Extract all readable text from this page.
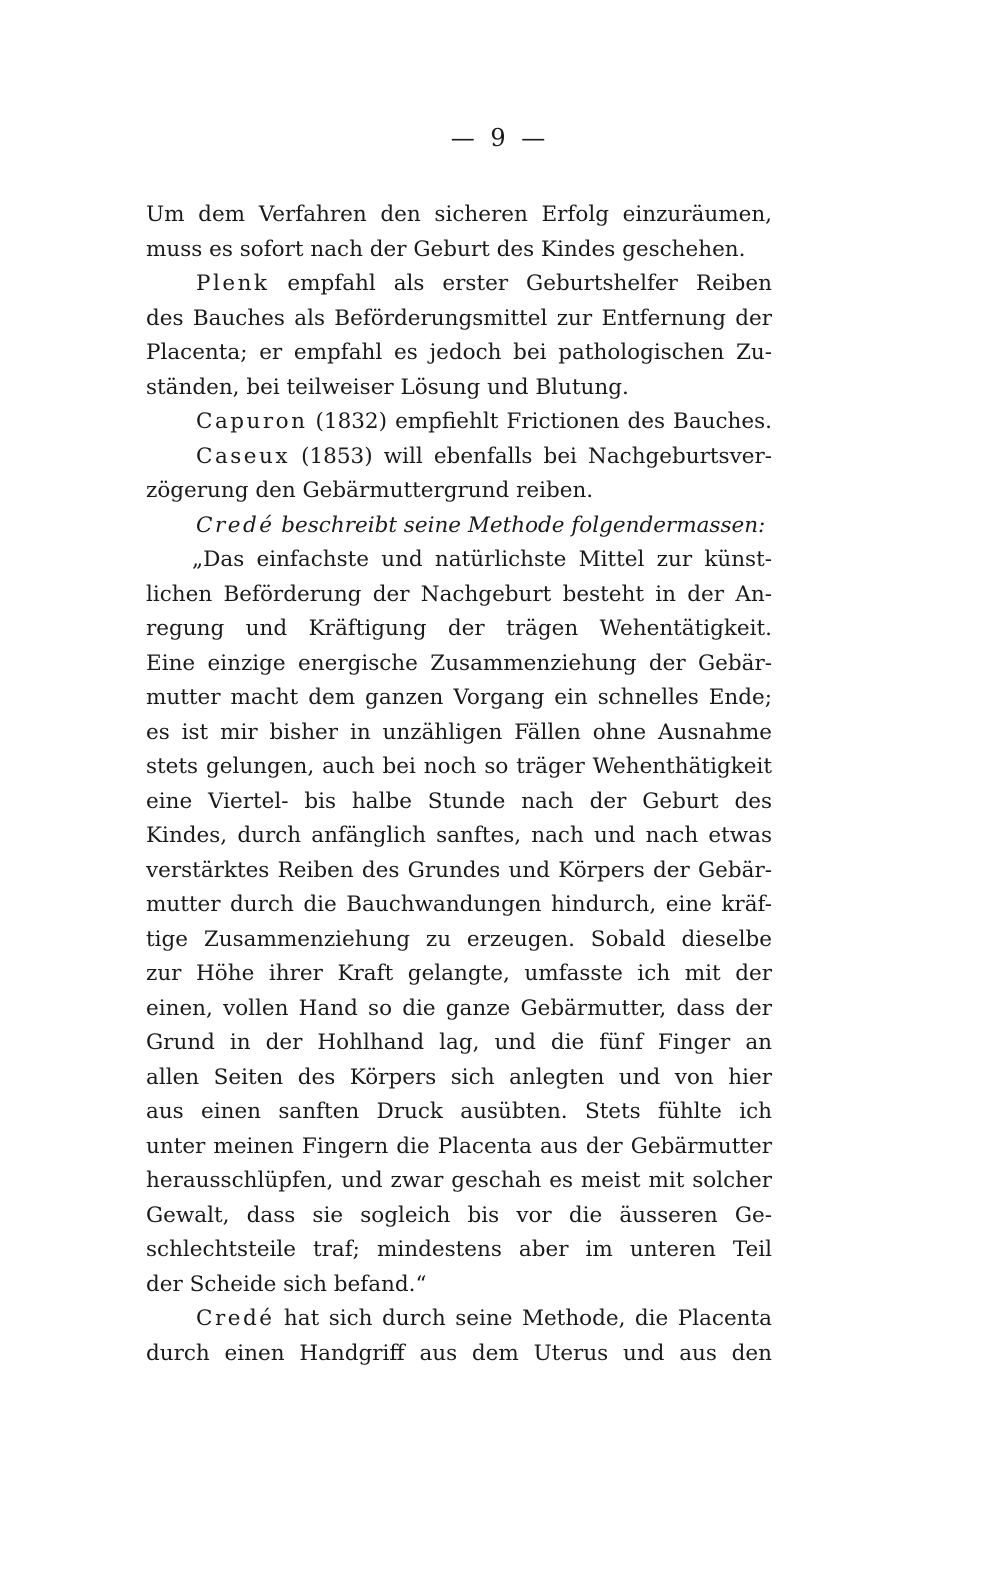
— 9 —
Um dem Verfahren den sicheren Erfolg einzuräumen,
muss es sofort nach der Geburt des Kindes geschehen.
Plenk empfahl als erster Geburtshelfer Reiben
des Bauches als Beförderungsmittel zur Entfernung der
Placenta; er empfahl es jedoch bei pathologischen Zu-
ständen, bei teilweiser Lösung und Blutung.
Capuron (1832) empfiehlt Frictionen des Bauches.
Caseux (1853) will ebenfalls bei Nachgeburtsver-
zögerung den Gebärmuttergrund reiben.
Credé beschreibt seine Methode folgendermassen:
„Das einfachste und natürlichste Mittel zur künst-
lichen Beförderung der Nachgeburt besteht in der An-
regung und Kräftigung der trägen Wehentätigkeit.
Eine einzige energische Zusammenziehung der Gebär-
mutter macht dem ganzen Vorgang ein schnelles Ende;
es ist mir bisher in unzähligen Fällen ohne Ausnahme
stets gelungen, auch bei noch so träger Wehenthätigkeit
eine Viertel- bis halbe Stunde nach der Geburt des
Kindes, durch anfänglich sanftes, nach und nach etwas
verstärktes Reiben des Grundes und Körpers der Gebär-
mutter durch die Bauchwandungen hindurch, eine kräf-
tige Zusammenziehung zu erzeugen. Sobald dieselbe
zur Höhe ihrer Kraft gelangte, umfasste ich mit der
einen, vollen Hand so die ganze Gebärmutter, dass der
Grund in der Hohlhand lag, und die fünf Finger an
allen Seiten des Körpers sich anlegten und von hier
aus einen sanften Druck ausübten. Stets fühlte ich
unter meinen Fingern die Placenta aus der Gebärmutter
herausschlüpfen, und zwar geschah es meist mit solcher
Gewalt, dass sie sogleich bis vor die äusseren Ge-
schlechtsteile traf; mindestens aber im unteren Teil
der Scheide sich befand.“
Credé hat sich durch seine Methode, die Placenta
durch einen Handgriff aus dem Uterus und aus den
